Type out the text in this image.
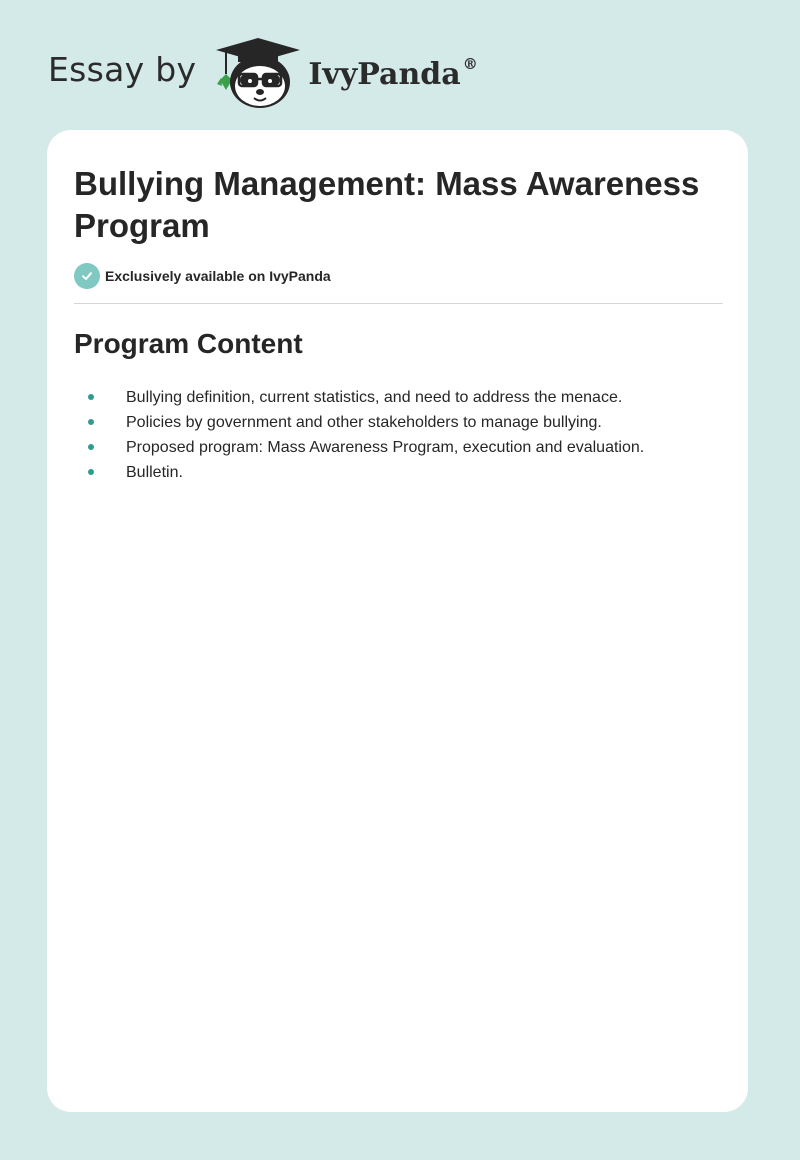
Essay by	IvyPanda ®
Bullying Management: Mass Awareness Program
Exclusively available on IvyPanda
Program Content
Bullying definition, current statistics, and need to address the menace.
Policies by government and other stakeholders to manage bullying.
Proposed program: Mass Awareness Program, execution and evaluation.
Bulletin.
